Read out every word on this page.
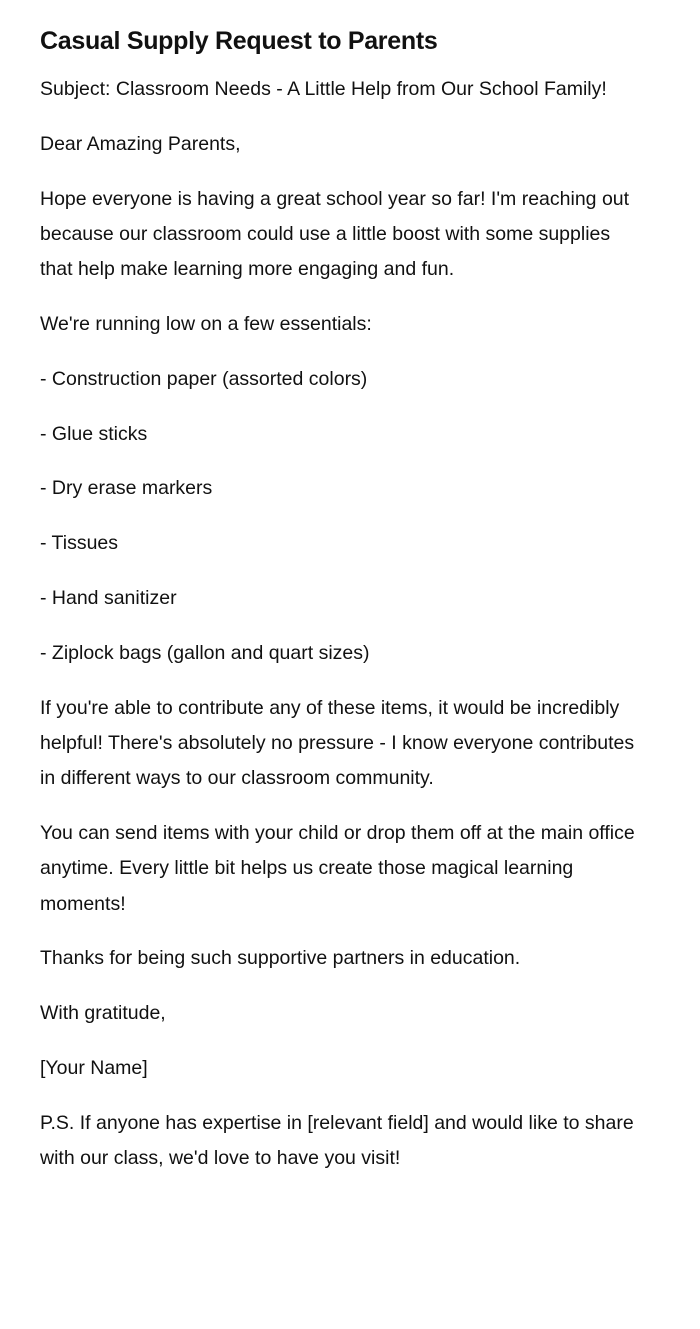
Casual Supply Request to Parents

Subject: Classroom Needs - A Little Help from Our School Family!

Dear Amazing Parents,

Hope everyone is having a great school year so far! I'm reaching out because our classroom could use a little boost with some supplies that help make learning more engaging and fun.

We're running low on a few essentials:

- Construction paper (assorted colors)

- Glue sticks

- Dry erase markers

- Tissues

- Hand sanitizer

- Ziplock bags (gallon and quart sizes)

If you're able to contribute any of these items, it would be incredibly helpful! There's absolutely no pressure - I know everyone contributes in different ways to our classroom community.

You can send items with your child or drop them off at the main office anytime. Every little bit helps us create those magical learning moments!

Thanks for being such supportive partners in education.

With gratitude,

[Your Name]

P.S. If anyone has expertise in [relevant field] and would like to share with our class, we'd love to have you visit!
